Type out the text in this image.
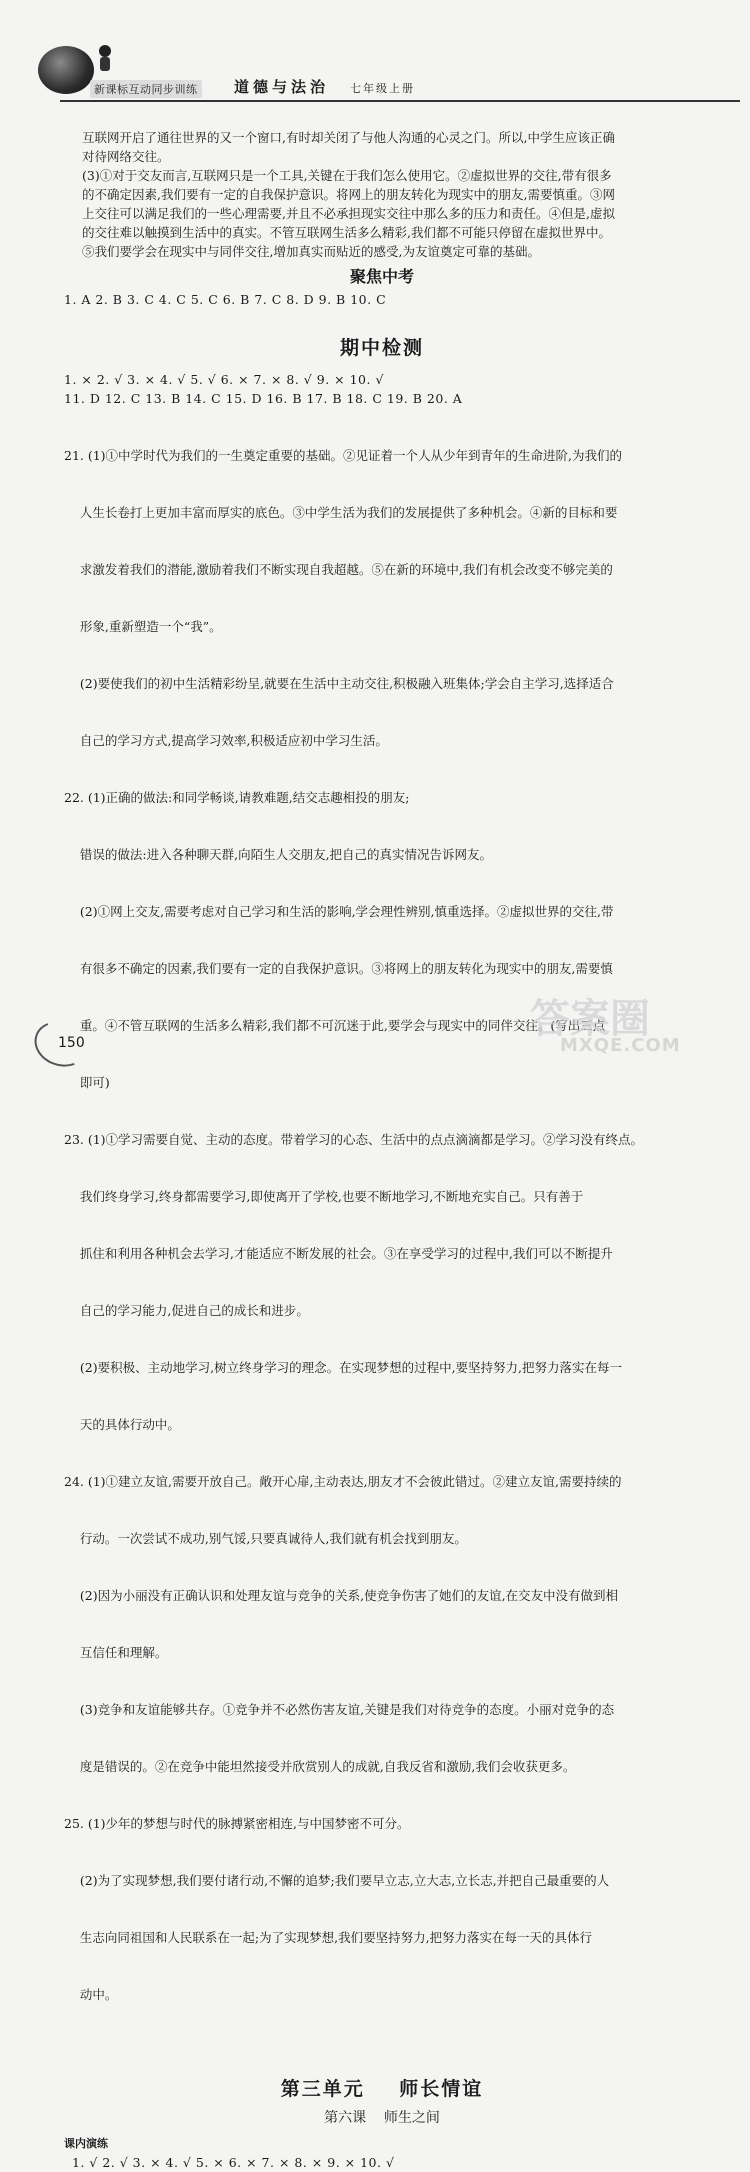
新课标互动同步训练 道德与法治 七年级上册

互联网开启了通往世界的又一个窗口,有时却关闭了与他人沟通的心灵之门。所以,中学生应该正确

对待网络交往。

(3)①对于交友而言,互联网只是一个工具,关键在于我们怎么使用它。②虚拟世界的交往,带有很多

的不确定因素,我们要有一定的自我保护意识。将网上的朋友转化为现实中的朋友,需要慎重。③网

上交往可以满足我们的一些心理需要,并且不必承担现实交往中那么多的压力和责任。④但是,虚拟

的交往难以触摸到生活中的真实。不管互联网生活多么精彩,我们都不可能只停留在虚拟世界中。

⑤我们要学会在现实中与同伴交往,增加真实而贴近的感受,为友谊奠定可靠的基础。

聚焦中考

1. A 2. B 3. C 4. C 5. C 6. B 7. C 8. D 9. B 10. C

期中检测

1. × 2. √ 3. × 4. √ 5. √ 6. × 7. × 8. √ 9. × 10. √

11. D 12. C 13. B 14. C 15. D 16. B 17. B 18. C 19. B 20. A

21. (1)①中学时代为我们的一生奠定重要的基础。②见证着一个人从少年到青年的生命进阶,为我们的

人生长卷打上更加丰富而厚实的底色。③中学生活为我们的发展提供了多种机会。④新的目标和要

求激发着我们的潜能,激励着我们不断实现自我超越。⑤在新的环境中,我们有机会改变不够完美的

形象,重新塑造一个“我”。

(2)要使我们的初中生活精彩纷呈,就要在生活中主动交往,积极融入班集体;学会自主学习,选择适合

自己的学习方式,提高学习效率,积极适应初中学习生活。

22. (1)正确的做法:和同学畅谈,请教难题,结交志趣相投的朋友;

错误的做法:进入各种聊天群,向陌生人交朋友,把自己的真实情况告诉网友。

(2)①网上交友,需要考虑对自己学习和生活的影响,学会理性辨别,慎重选择。②虚拟世界的交往,带

有很多不确定的因素,我们要有一定的自我保护意识。③将网上的朋友转化为现实中的朋友,需要慎

重。④不管互联网的生活多么精彩,我们都不可沉迷于此,要学会与现实中的同伴交往。(写出三点

即可)

23. (1)①学习需要自觉、主动的态度。带着学习的心态、生活中的点点滴滴都是学习。②学习没有终点。

我们终身学习,终身都需要学习,即使离开了学校,也要不断地学习,不断地充实自己。只有善于

抓住和利用各种机会去学习,才能适应不断发展的社会。③在享受学习的过程中,我们可以不断提升

自己的学习能力,促进自己的成长和进步。

(2)要积极、主动地学习,树立终身学习的理念。在实现梦想的过程中,要坚持努力,把努力落实在每一

天的具体行动中。

24. (1)①建立友谊,需要开放自己。敞开心扉,主动表达,朋友才不会彼此错过。②建立友谊,需要持续的

行动。一次尝试不成功,别气馁,只要真诚待人,我们就有机会找到朋友。

(2)因为小丽没有正确认识和处理友谊与竞争的关系,使竞争伤害了她们的友谊,在交友中没有做到相

互信任和理解。

(3)竞争和友谊能够共存。①竞争并不必然伤害友谊,关键是我们对待竞争的态度。小丽对竞争的态

度是错误的。②在竞争中能坦然接受并欣赏别人的成就,自我反省和激励,我们会收获更多。

25. (1)少年的梦想与时代的脉搏紧密相连,与中国梦密不可分。

(2)为了实现梦想,我们要付诸行动,不懈的追梦;我们要早立志,立大志,立长志,并把自己最重要的人

生志向同祖国和人民联系在一起;为了实现梦想,我们要坚持努力,把努力落实在每一天的具体行

动中。

第三单元    师长情谊
第六课    师生之间
课内演练

1. √ 2. √ 3. × 4. √ 5. × 6. × 7. × 8. × 9. × 10. √

150
答案圈
MXQE.COM
